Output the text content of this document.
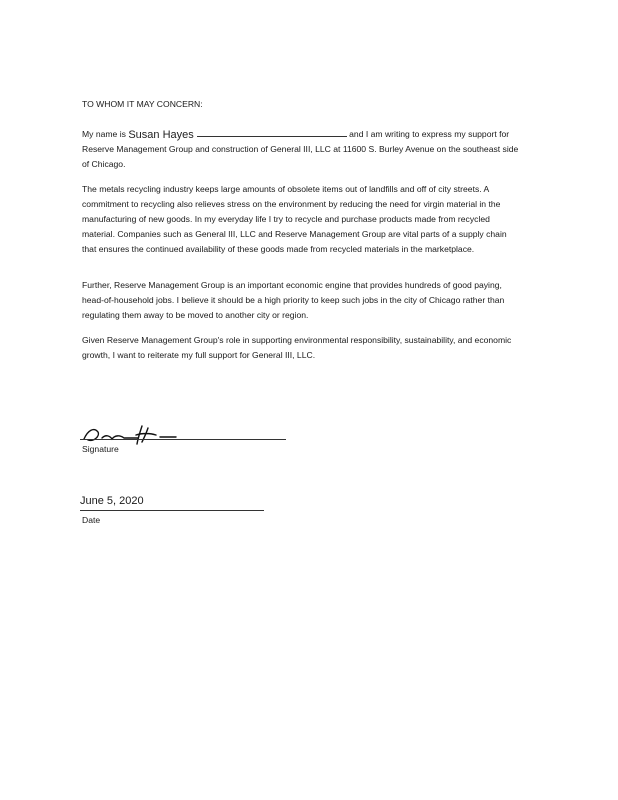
TO WHOM IT MAY CONCERN:

My name is Susan Hayes	and I am writing to express my support for Reserve Management Group and construction of General III, LLC at 11600 S. Burley Avenue on the southeast side of Chicago.

The metals recycling industry keeps large amounts of obsolete items out of landfills and off of city streets. A commitment to recycling also relieves stress on the environment by reducing the need for virgin material in the manufacturing of new goods. In my everyday life I try to recycle and purchase products made from recycled material. Companies such as General III, LLC and Reserve Management Group are vital parts of a supply chain that ensures the continued availability of these goods made from recycled materials in the marketplace.

Further, Reserve Management Group is an important economic engine that provides hundreds of good paying, head-of-household jobs. I believe it should be a high priority to keep such jobs in the city of Chicago rather than regulating them away to be moved to another city or region.

Given Reserve Management Group's role in supporting environmental responsibility, sustainability, and economic growth, I want to reiterate my full support for General III, LLC.

Signature
June 5, 2020
Date
